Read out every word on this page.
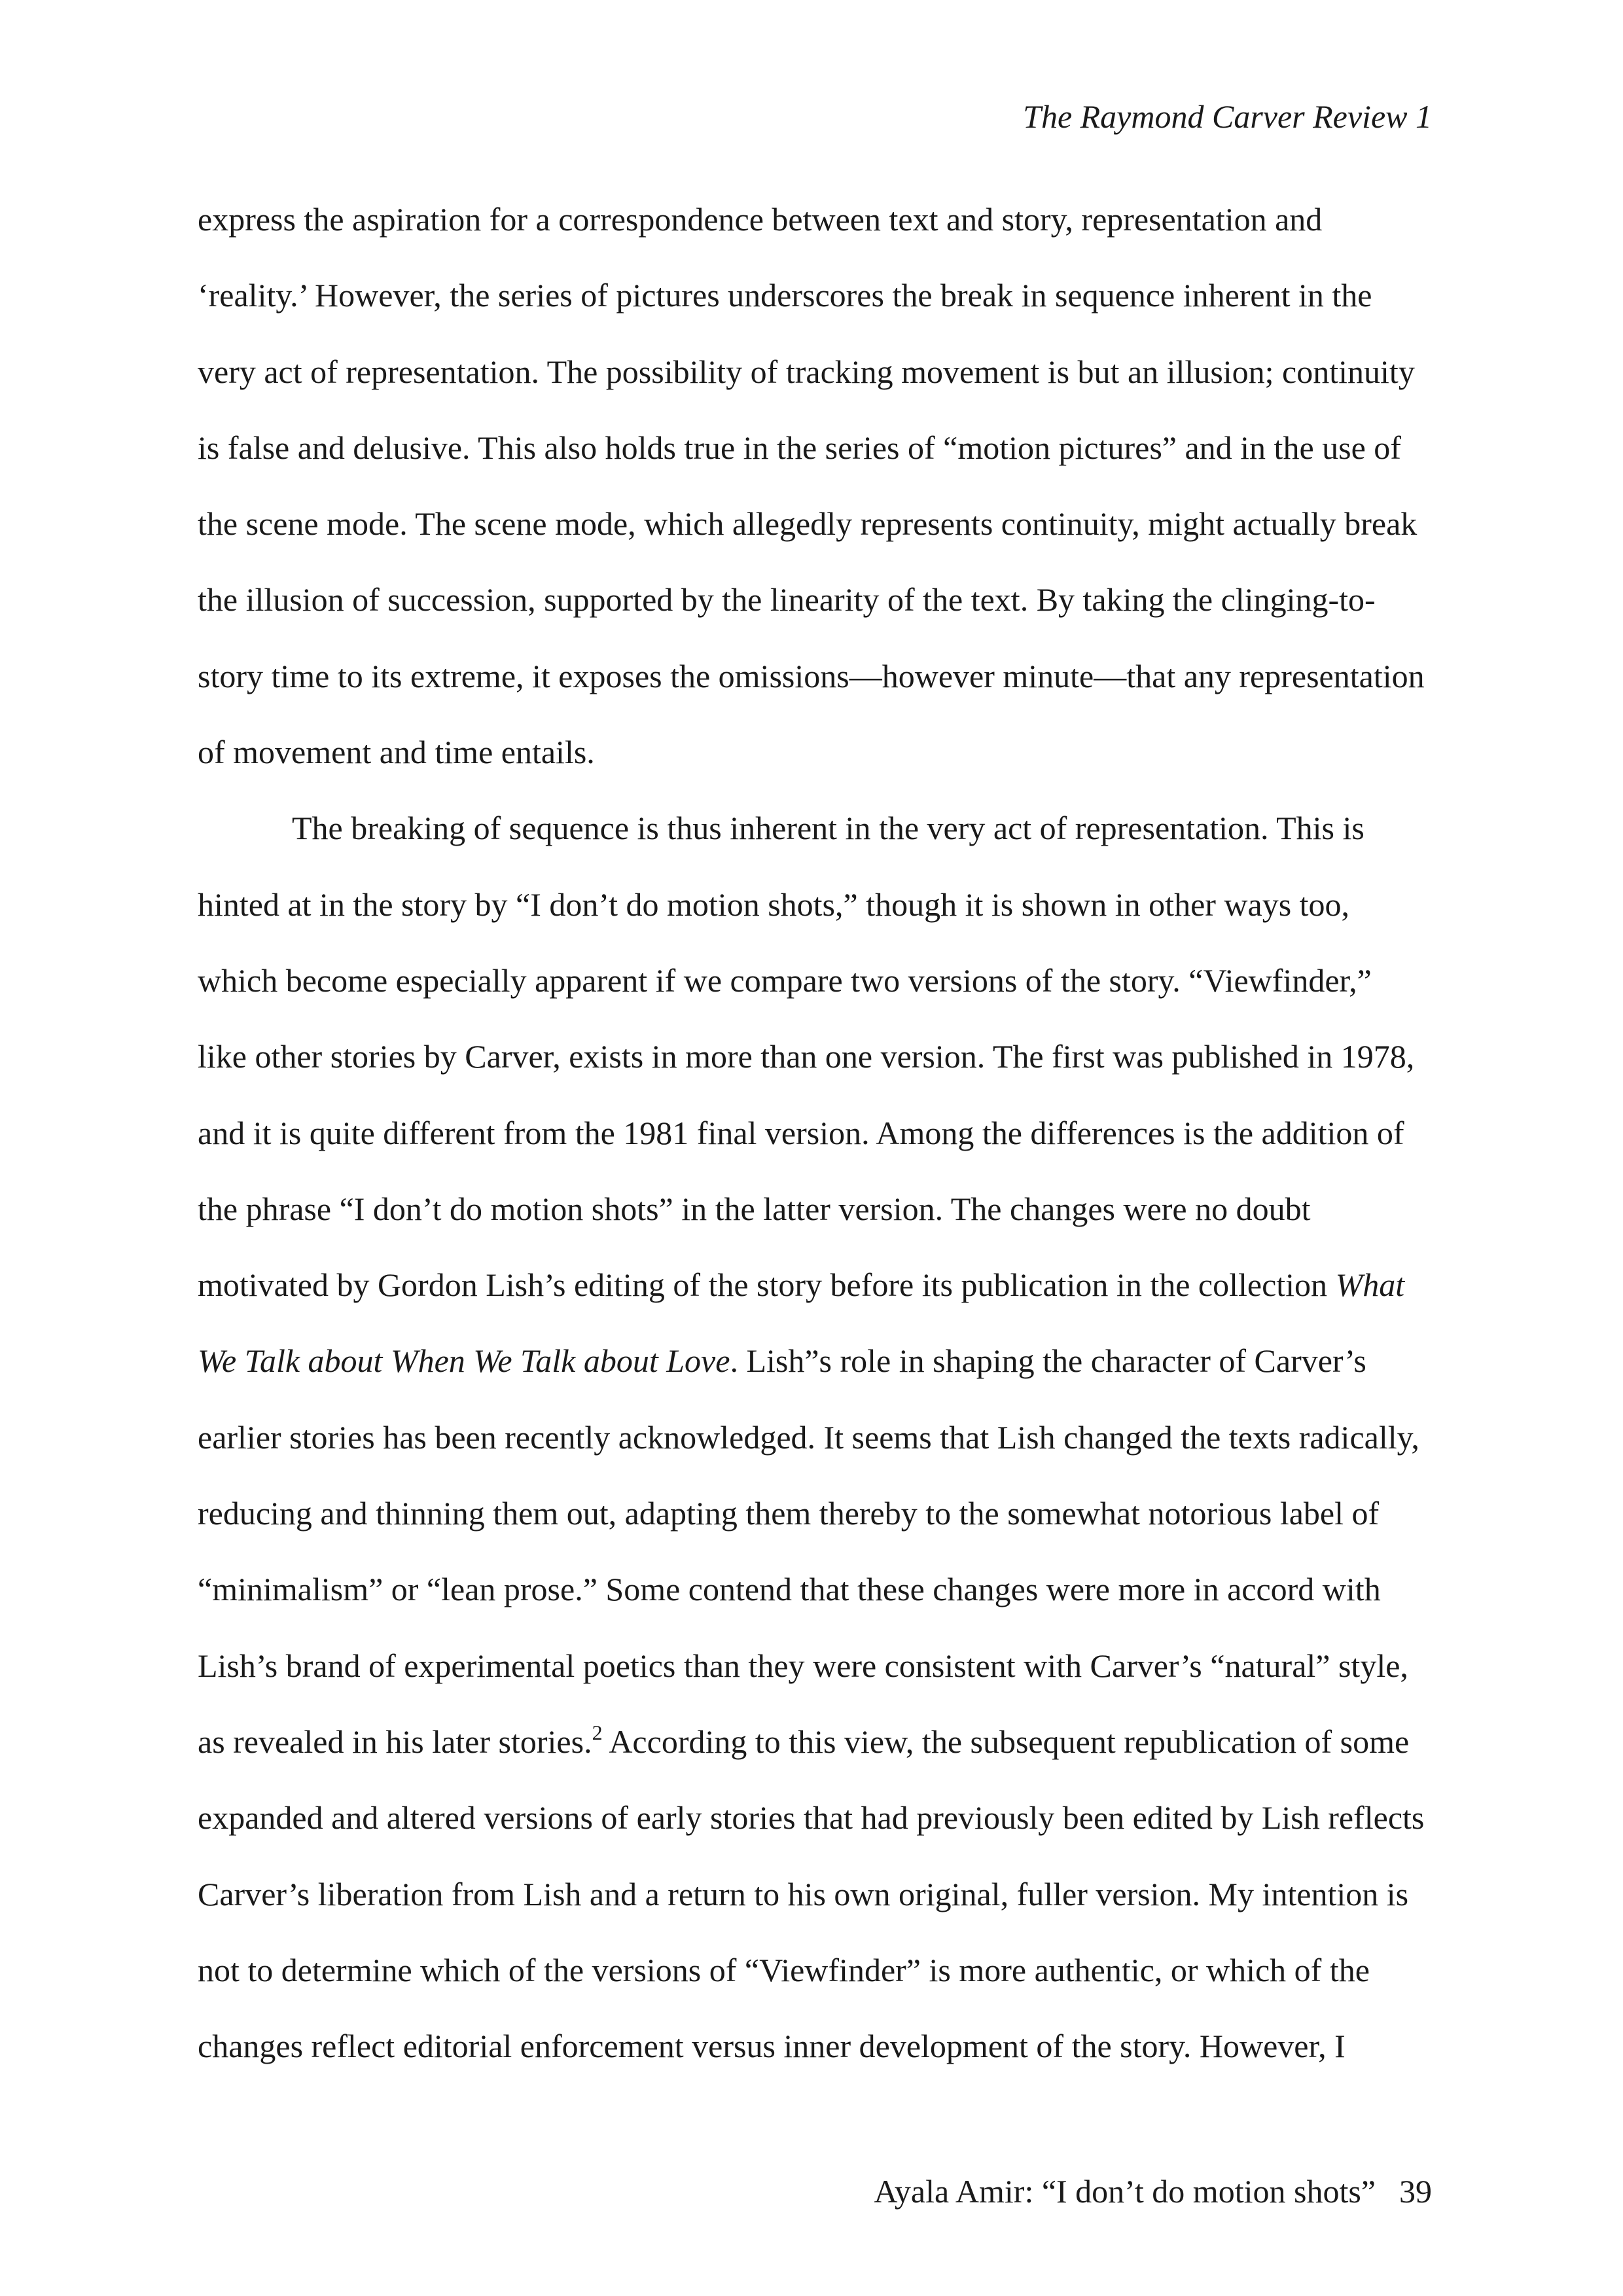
The Raymond Carver Review 1
express the aspiration for a correspondence between text and story, representation and
‘reality.’ However, the series of pictures underscores the break in sequence inherent in the
very act of representation. The possibility of tracking movement is but an illusion; continuity
is false and delusive. This also holds true in the series of “motion pictures” and in the use of
the scene mode. The scene mode, which allegedly represents continuity, might actually break
the illusion of succession, supported by the linearity of the text. By taking the clinging-to-
story time to its extreme, it exposes the omissions—however minute—that any representation
of movement and time entails.
The breaking of sequence is thus inherent in the very act of representation. This is
hinted at in the story by “I don’t do motion shots,” though it is shown in other ways too,
which become especially apparent if we compare two versions of the story. “Viewfinder,”
like other stories by Carver, exists in more than one version. The first was published in 1978,
and it is quite different from the 1981 final version. Among the differences is the addition of
the phrase “I don’t do motion shots” in the latter version. The changes were no doubt
motivated by Gordon Lish’s editing of the story before its publication in the collection What
We Talk about When We Talk about Love. Lish”s role in shaping the character of Carver’s
earlier stories has been recently acknowledged. It seems that Lish changed the texts radically,
reducing and thinning them out, adapting them thereby to the somewhat notorious label of
“minimalism” or “lean prose.” Some contend that these changes were more in accord with
Lish’s brand of experimental poetics than they were consistent with Carver’s “natural” style,
as revealed in his later stories.$^2$ According to this view, the subsequent republication of some
expanded and altered versions of early stories that had previously been edited by Lish reflects
Carver’s liberation from Lish and a return to his own original, fuller version. My intention is
not to determine which of the versions of “Viewfinder” is more authentic, or which of the
changes reflect editorial enforcement versus inner development of the story. However, I
Ayala Amir: “I don’t do motion shots” 39
